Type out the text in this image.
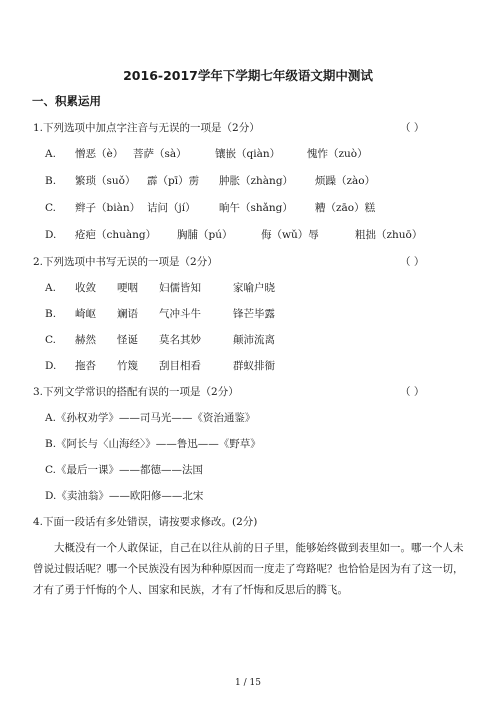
2016-2017学年下学期七年级语文期中测试
一、积累运用
1.下列选项中加点字注音与无误的一项是（2分）	（ ）
A. 憎恶（è） 菩萨（sà）	镶嵌（qiàn）	愧怍（zuò）
B. 繁琐（suǒ） 霹（pī）雳 肿胀（zhàng） 烦躁（zào）
C. 辫子（biàn） 诘问（jí） 晌午（shǎng） 糟（zāo）糕
D. 疮疤（chuàng） 胸脯（pú）	侮（wǔ）辱	粗拙（zhuō）
2.下列选项中书写无误的一项是（2分）	（ ）
A. 收敛 哽咽 妇儒皆知	家喻户晓
B. 崎岖 斓语 气冲斗牛	锋芒毕露
C. 赫然 怪诞 莫名其妙	颠沛流离
D. 拖沓 竹篾 刮目相看	群蚁排衙
3.下列文学常识的搭配有误的一项是（2分）	（ ）
A.《孙权劝学》——司马光——《资治通鉴》
B.《阿长与〈山海经〉》——鲁迅——《野草》
C.《最后一课》——都德——法国
D.《卖油翁》——欧阳修——北宋
4.下面一段话有多处错误，请按要求修改。(2分)
大概没有一个人敢保证，自己在以往从前的日子里，能够始终做到表里如一。哪一个人未曾说过假话呢？哪一个民族没有因为种种原因而一度走了弯路呢？也恰恰是因为有了这一切，才有了勇于忏悔的个人、国家和民族，才有了忏悔和反思后的腾飞。
1 / 15
